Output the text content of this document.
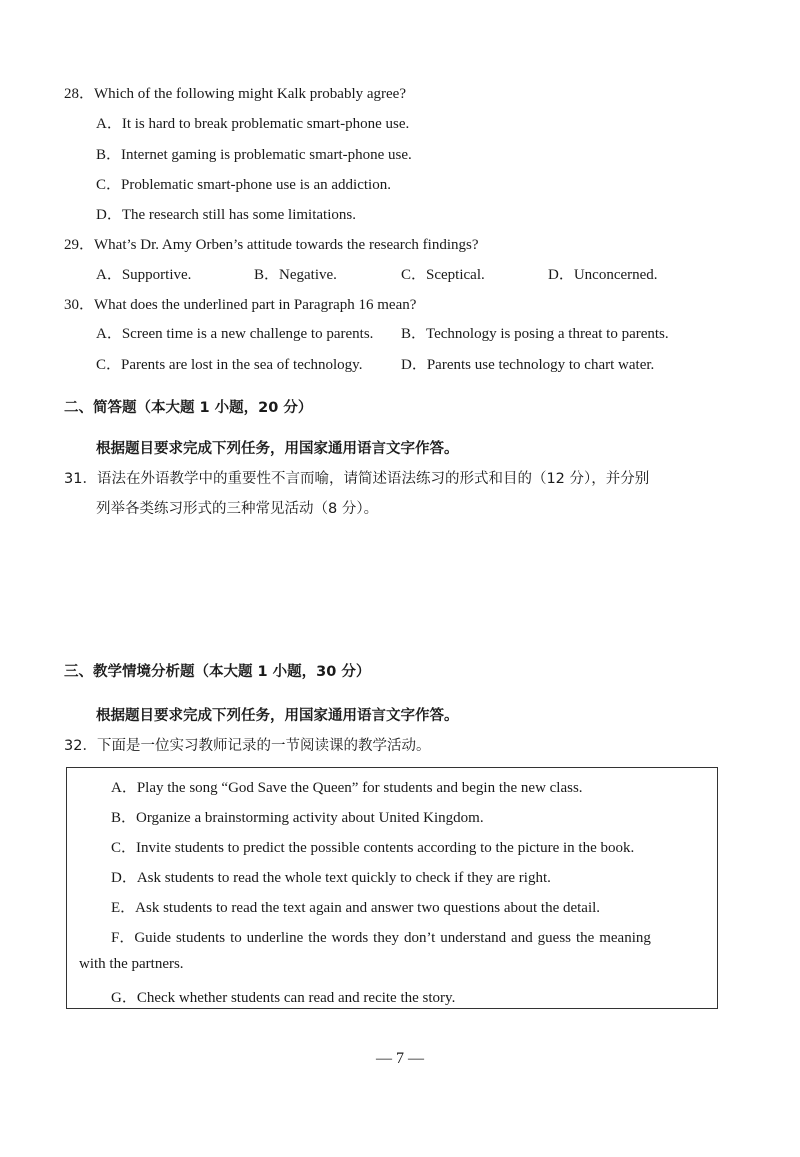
28．Which of the following might Kalk probably agree?
A．It is hard to break problematic smart-phone use.
B．Internet gaming is problematic smart-phone use.
C．Problematic smart-phone use is an addiction.
D．The research still has some limitations.
29．What’s Dr. Amy Orben’s attitude towards the research findings?
A．Supportive.	B．Negative.	C．Sceptical.	D．Unconcerned.
30．What does the underlined part in Paragraph 16 mean?
A．Screen time is a new challenge to parents. B．Technology is posing a threat to parents.
C．Parents are lost in the sea of technology.	D．Parents use technology to chart water.
二、简答题（本大题 1 小题，20 分）
根据题目要求完成下列任务，用国家通用语言文字作答。
31．语法在外语教学中的重要性不言而喻，请简述语法练习的形式和目的（12 分），并分别
列举各类练习形式的三种常见活动（8 分）。
三、教学情境分析题（本大题 1 小题，30 分）
根据题目要求完成下列任务，用国家通用语言文字作答。
32．下面是一位实习教师记录的一节阅读课的教学活动。
A．Play the song “God Save the Queen” for students and begin the new class.
B．Organize a brainstorming activity about United Kingdom.
C．Invite students to predict the possible contents according to the picture in the book.
D．Ask students to read the whole text quickly to check if they are right.
E．Ask students to read the text again and answer two questions about the detail.
F．Guide students to underline the words they don’t understand and guess the meaning
with the partners.
G．Check whether students can read and recite the story.
— 7 —
